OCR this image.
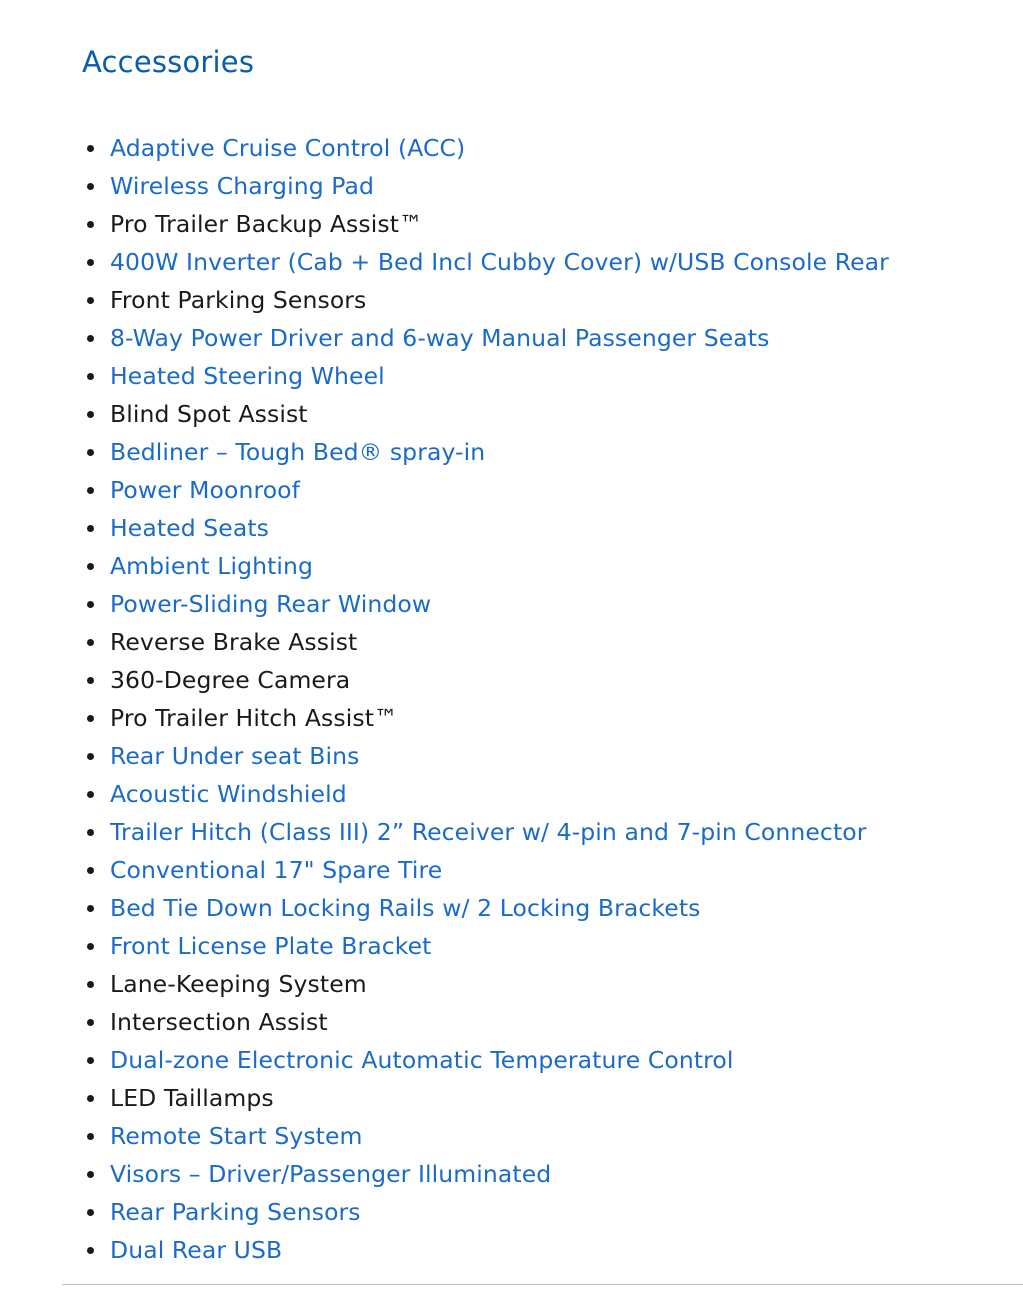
Accessories
Adaptive Cruise Control (ACC)
Wireless Charging Pad
Pro Trailer Backup Assist™
400W Inverter (Cab + Bed Incl Cubby Cover) w/USB Console Rear
Front Parking Sensors
8-Way Power Driver and 6-way Manual Passenger Seats
Heated Steering Wheel
Blind Spot Assist
Bedliner – Tough Bed® spray-in
Power Moonroof
Heated Seats
Ambient Lighting
Power-Sliding Rear Window
Reverse Brake Assist
360-Degree Camera
Pro Trailer Hitch Assist™
Rear Under seat Bins
Acoustic Windshield
Trailer Hitch (Class III) 2” Receiver w/ 4-pin and 7-pin Connector
Conventional 17" Spare Tire
Bed Tie Down Locking Rails w/ 2 Locking Brackets
Front License Plate Bracket
Lane-Keeping System
Intersection Assist
Dual-zone Electronic Automatic Temperature Control
LED Taillamps
Remote Start System
Visors – Driver/Passenger Illuminated
Rear Parking Sensors
Dual Rear USB
